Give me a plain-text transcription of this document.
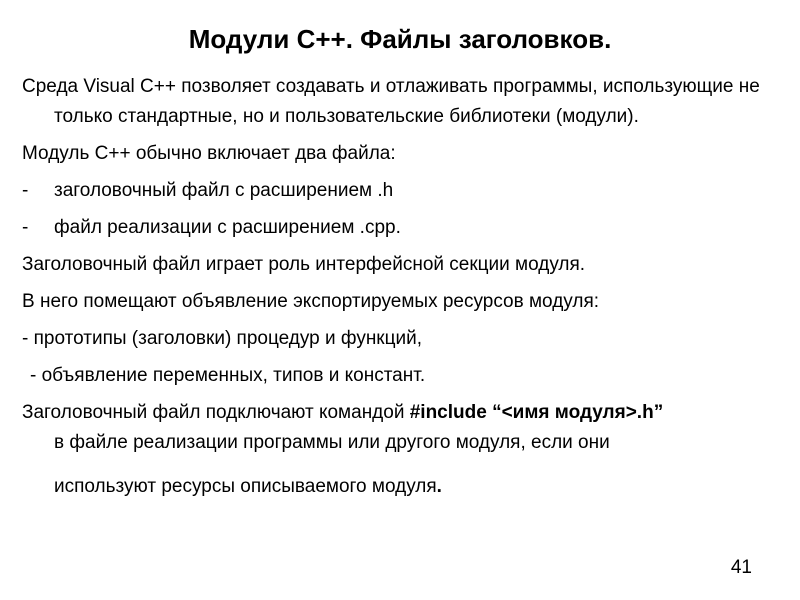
Модули С++. Файлы заголовков.

Среда Visual С++ позволяет создавать и отлаживать программы, использующие не только стандартные, но и пользовательские библиотеки (модули).

Модуль С++ обычно включает два файла:

-	заголовочный файл с расширением .h
-	файл реализации с расширением .cpp.

Заголовочный файл играет роль интерфейсной секции модуля.

В него помещают объявление экспортируемых ресурсов модуля:

- прототипы (заголовки) процедур и функций,

- объявление переменных, типов и констант.

Заголовочный файл подключают командой #include “<имя модуля>.h”
в файле реализации программы или другого модуля, если они
используют ресурсы описываемого модуля.
41
